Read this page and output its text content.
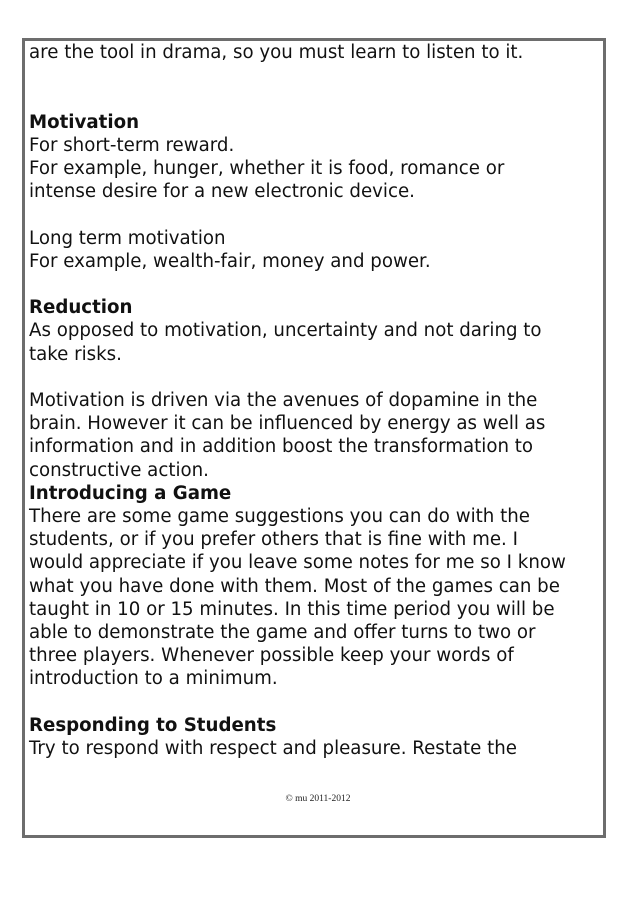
are the tool in drama, so you must learn to listen to it.

Motivation

For short-term reward.

For example, hunger, whether it is food, romance or

intense desire for a new electronic device.

Long term motivation

For example, wealth-fair, money and power.

Reduction

As opposed to motivation, uncertainty and not daring to

take risks.

Motivation is driven via the avenues of dopamine in the

brain. However it can be influenced by energy as well as

information and in addition boost the transformation to

constructive action.

Introducing a Game

There are some game suggestions you can do with the

students, or if you prefer others that is fine with me. I

would appreciate if you leave some notes for me so I know

what you have done with them. Most of the games can be

taught in 10 or 15 minutes. In this time period you will be

able to demonstrate the game and offer turns to two or

three players. Whenever possible keep your words of

introduction to a minimum.

Responding to Students

Try to respond with respect and pleasure. Restate the

© mu 2011-2012
